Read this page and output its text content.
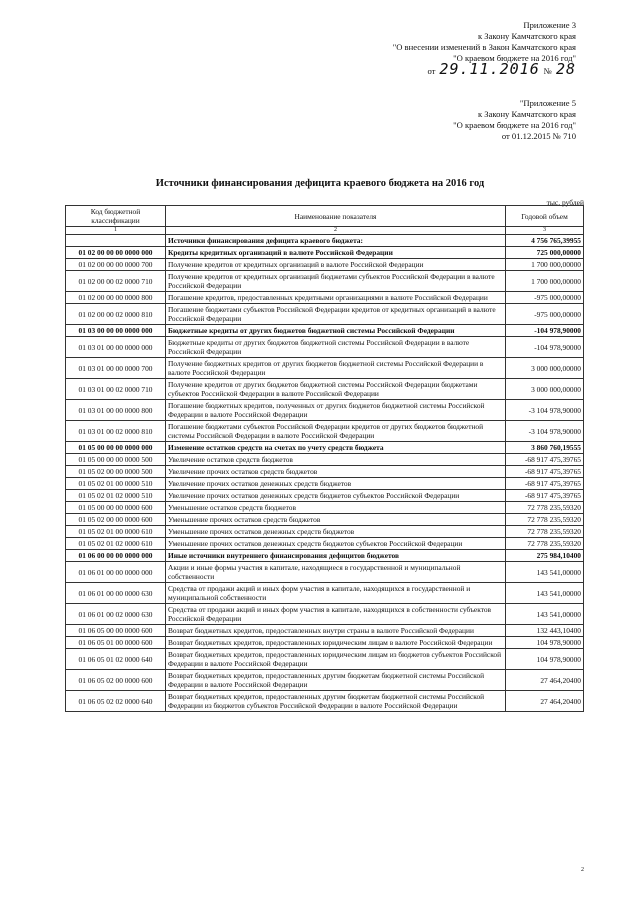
Приложение 3
к Закону Камчатского края
"О внесении изменений в Закон Камчатского края
"О краевом бюджете на 2016 год"
от 29.11.2016 № 28
"Приложение 5
к Закону Камчатского края
"О краевом бюджете на 2016 год"
от 01.12.2015 № 710
Источники финансирования дефицита краевого бюджета на 2016 год
тыс. рублей
Код бюджетной классификации	Наименование показателя	Годовой объем
1	2	3
	Источники финансирования дефицита краевого бюджета:	4 756 765,39955
01 02 00 00 00 0000 000	Кредиты кредитных организаций в валюте Российской Федерации	725 000,00000
01 02 00 00 00 0000 700	Получение кредитов от кредитных организаций в валюте Российской Федерации	1 700 000,00000
01 02 00 00 02 0000 710	Получение кредитов от кредитных организаций бюджетами субъектов Российской Федерации в валюте Российской Федерации	1 700 000,00000
01 02 00 00 00 0000 800	Погашение кредитов, предоставленных кредитными организациями в валюте Российской Федерации	-975 000,00000
01 02 00 00 02 0000 810	Погашение бюджетами субъектов Российской Федерации кредитов от кредитных организаций в валюте Российской Федерации	-975 000,00000
01 03 00 00 00 0000 000	Бюджетные кредиты от других бюджетов бюджетной системы Российской Федерации	-104 978,90000
01 03 01 00 00 0000 000	Бюджетные кредиты от других бюджетов бюджетной системы Российской Федерации в валюте Российской Федерации	-104 978,90000
01 03 01 00 00 0000 700	Получение бюджетных кредитов от других бюджетов бюджетной системы Российской Федерации в валюте Российской Федерации	3 000 000,00000
01 03 01 00 02 0000 710	Получение кредитов от других бюджетов бюджетной системы Российской Федерации бюджетами субъектов Российской Федерации в валюте Российской Федерации	3 000 000,00000
01 03 01 00 00 0000 800	Погашение бюджетных кредитов, полученных от других бюджетов бюджетной системы Российской Федерации в валюте Российской Федерации	-3 104 978,90000
01 03 01 00 02 0000 810	Погашение бюджетами субъектов Российской Федерации кредитов от других бюджетов бюджетной системы Российской Федерации в валюте Российской Федерации	-3 104 978,90000
01 05 00 00 00 0000 000	Изменение остатков средств на счетах по учету средств бюджета	3 860 760,19555
01 05 00 00 00 0000 500	Увеличение остатков средств бюджетов	-68 917 475,39765
01 05 02 00 00 0000 500	Увеличение прочих остатков средств бюджетов	-68 917 475,39765
01 05 02 01 00 0000 510	Увеличение прочих остатков денежных средств бюджетов	-68 917 475,39765
01 05 02 01 02 0000 510	Увеличение прочих остатков денежных средств бюджетов субъектов Российской Федерации	-68 917 475,39765
01 05 00 00 00 0000 600	Уменьшение остатков средств бюджетов	72 778 235,59320
01 05 02 00 00 0000 600	Уменьшение прочих остатков средств бюджетов	72 778 235,59320
01 05 02 01 00 0000 610	Уменьшение прочих остатков денежных средств бюджетов	72 778 235,59320
01 05 02 01 02 0000 610	Уменьшение прочих остатков денежных средств бюджетов субъектов Российской Федерации	72 778 235,59320
01 06 00 00 00 0000 000	Иные источники внутреннего финансирования дефицитов бюджетов	275 984,10400
01 06 01 00 00 0000 000	Акции и иные формы участия в капитале, находящиеся в государственной и муниципальной собственности	143 541,00000
01 06 01 00 00 0000 630	Средства от продажи акций и иных форм участия в капитале, находящихся в государственной и муниципальной собственности	143 541,00000
01 06 01 00 02 0000 630	Средства от продажи акций и иных форм участия в капитале, находящихся в собственности субъектов Российской Федерации	143 541,00000
01 06 05 00 00 0000 600	Возврат бюджетных кредитов, предоставленных внутри страны в валюте Российской Федерации	132 443,10400
01 06 05 01 00 0000 600	Возврат бюджетных кредитов, предоставленных юридическим лицам в валюте Российской Федерации	104 978,90000
01 06 05 01 02 0000 640	Возврат бюджетных кредитов, предоставленных юридическим лицам из бюджетов субъектов Российской Федерации в валюте Российской Федерации	104 978,90000
01 06 05 02 00 0000 600	Возврат бюджетных кредитов, предоставленных другим бюджетам бюджетной системы Российской Федерации в валюте Российской Федерации	27 464,20400
01 06 05 02 02 0000 640	Возврат бюджетных кредитов, предоставленных другим бюджетам бюджетной системы Российской Федерации из бюджетов субъектов Российской Федерации в валюте Российской Федерации	27 464,20400
2
